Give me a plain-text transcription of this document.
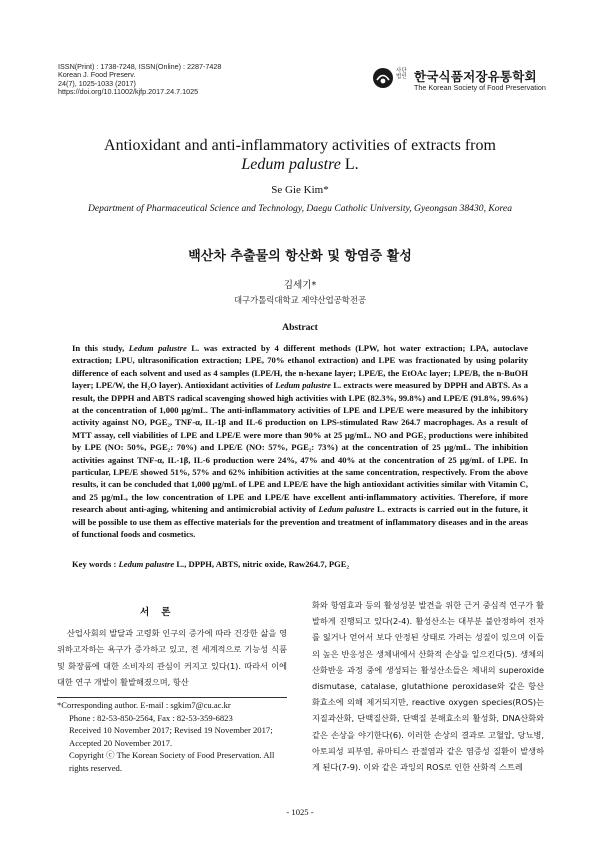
ISSN(Print) : 1738-7248, ISSN(Online) : 2287-7428
Korean J. Food Preserv.
24(7), 1025-1033 (2017)
https://doi.org/10.11002/kjfp.2017.24.7.1025
사단
법인 한국식품저장유통학회
The Korean Society of Food Preservation
Antioxidant and anti-inflammatory activities of extracts from
Ledum palustre L.
Se Gie Kim*
Department of Pharmaceutical Science and Technology, Daegu Catholic University, Gyeongsan 38430, Korea
백산차 추출물의 항산화 및 항염증 활성
김세기*
대구가톨릭대학교 제약산업공학전공
Abstract
In this study, Ledum palustre L. was extracted by 4 different methods (LPW, hot water extraction; LPA, autoclave extraction; LPU, ultrasonification extraction; LPE, 70% ethanol extraction) and LPE was fractionated by using polarity difference of each solvent and used as 4 samples (LPE/H, the n-hexane layer; LPE/E, the EtOAc layer; LPE/B, the n-BuOH layer; LPE/W, the H₂O layer). Antioxidant activities of Ledum palustre L. extracts were measured by DPPH and ABTS. As a result, the DPPH and ABTS radical scavenging showed high activities with LPE (82.3%, 99.8%) and LPE/E (91.8%, 99.6%) at the concentration of 1,000 μg/mL. The anti-inflammatory activities of LPE and LPE/E were measured by the inhibitory activity against NO, PGE₂, TNF-α, IL-1β and IL-6 production on LPS-stimulated Raw 264.7 macrophages. As a result of MTT assay, cell viabilities of LPE and LPE/E were more than 90% at 25 μg/mL. NO and PGE₂ productions were inhibited by LPE (NO: 50%, PGE₂: 70%) and LPE/E (NO: 57%, PGE₂: 73%) at the concentration of 25 μg/mL. The inhibition activities against TNF-α, IL-1β, IL-6 production were 24%, 47% and 40% at the concentration of 25 μg/mL of LPE. In particular, LPE/E showed 51%, 57% and 62% inhibition activities at the same concentration, respectively. From the above results, it can be concluded that 1,000 μg/mL of LPE and LPE/E have the high antioxidant activities similar with Vitamin C, and 25 μg/mL, the low concentration of LPE and LPE/E have excellent anti-inflammatory activities. Therefore, if more research about anti-aging, whitening and antimicrobial activity of Ledum palustre L. extracts is carried out in the future, it will be possible to use them as effective materials for the prevention and treatment of inflammatory diseases and in the areas of functional foods and cosmetics.
Key words : Ledum palustre L., DPPH, ABTS, nitric oxide, Raw264.7, PGE₂
서론
산업사회의 발달과 고령화 인구의 증가에 따라 건강한 삶을 영위하고자하는 욕구가 증가하고 있고, 전 세계적으로 기능성 식품 및 화장품에 대한 소비자의 관심이 커지고 있다(1). 따라서 이에 대한 연구 개발이 활발해졌으며, 항산
화와 항염효과 등의 활성성분 발견을 위한 근거 중심적 연구가 활발하게 진행되고 있다(2-4). 활성산소는 대부분 불안정하여 전자를 잃거나 얻어서 보다 안정된 상태로 가려는 성질이 있으며 이들의 높은 반응성은 생체내에서 산화적 손상을 일으킨다(5). 생체의 산화반응 과정 중에 생성되는 활성산소들은 체내의 superoxide dismutase, catalase, glutathione peroxidase와 같은 항산화효소에 의해 제거되지만, reactive oxygen species(ROS)는 지질과산화, 단백질산화, 단백질 분해효소의 활성화, DNA산화와 같은 손상을 야기한다(6). 이러한 손상의 결과로 고혈압, 당뇨병, 아토피성 피부염, 류마티스 관절염과 같은 염증성 질환이 발생하게 된다(7-9). 이와 같은 과잉의 ROS로 인한 산화적 스트레
*Corresponding author. E-mail : sgkim7@cu.ac.kr
Phone : 82-53-850-2564, Fax : 82-53-359-6823
Received 10 November 2017; Revised 19 November 2017;
Accepted 20 November 2017.
Copyright ⓒ The Korean Society of Food Preservation. All rights reserved.
- 1025 -
